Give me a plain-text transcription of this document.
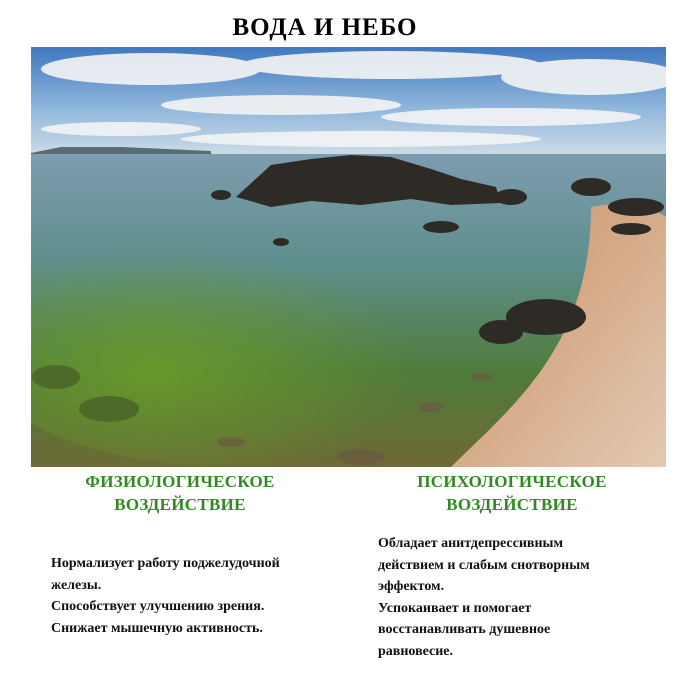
ВОДА И НЕБО
ФИЗИОЛОГИЧЕСКОЕ
ВОЗДЕЙСТВИЕ
ПСИХОЛОГИЧЕСКОЕ
ВОЗДЕЙСТВИЕ
Нормализует работу поджелудочной
железы.
Способствует улучшению зрения.
Снижает мышечную активность.
Обладает анитдепрессивным
действием и слабым снотворным
эффектом.
Успокаивает и помогает
восстанавливать душевное
равновесие.
